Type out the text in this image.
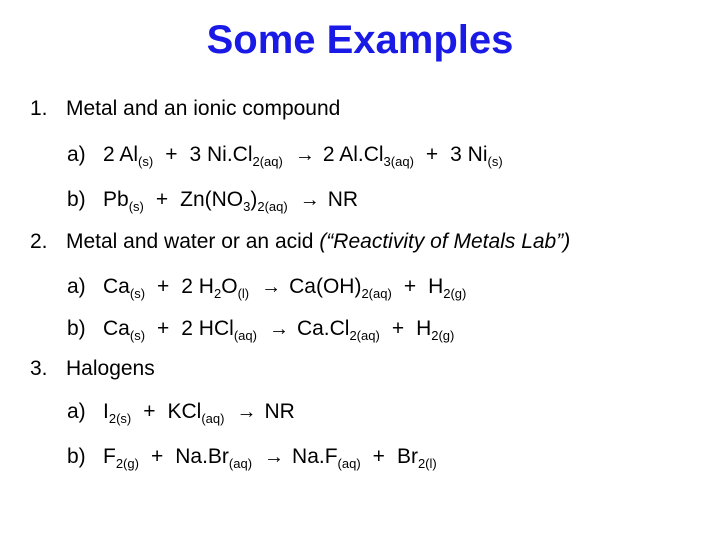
Some Examples
1. Metal and an ionic compound
a) 2 $Al_{(s)} + 3$ $Ni.Cl_{2(aq)} \to 2$ $Al.Cl_{3(aq)} + 3$ $Ni_{(s)}$
b) $Pb_{(s)} + Zn(NO_3)_{2(aq)}$ → NR
2. Metal and water or an acid (“Reactivity of Metals Lab”)
a) $Ca_{(s)} + 2$ $H_2O_{(l)} \to Ca(OH)_{2(aq)} + H_{2(g)}$
b) $Ca_{(s)} + 2$ $HCl_{(aq)} \to Ca.Cl_{2(aq)} + H_{2(g)}$
3. Halogens
a) $I_{2(s)} + KCl_{(aq)}$ → NR
b) $F_{2(g)} + Na.Br_{(aq)} \to Na.F_{(aq)} + Br_{2(l)}$
